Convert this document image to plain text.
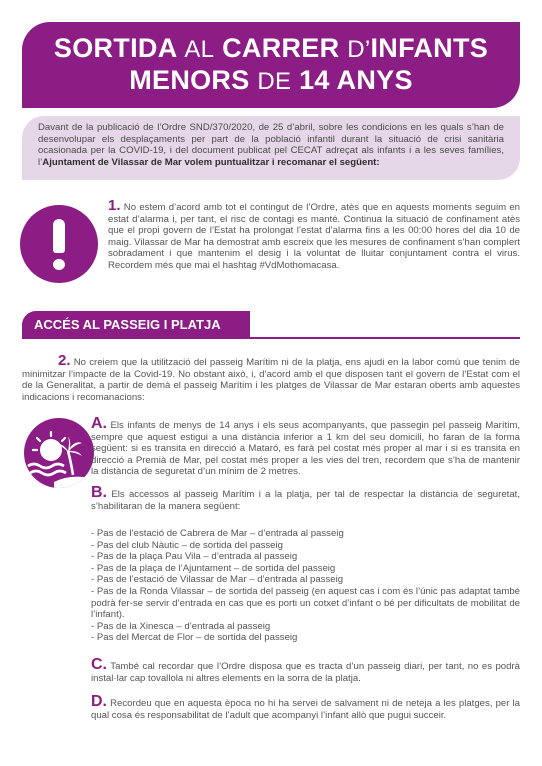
SORTIDA AL CARRER D’INFANTS
MENORS DE 14 ANYS
Davant de la publicació de l’Ordre SND/370/2020, de 25 d’abril, sobre les condicions en les quals s’han de desenvolupar els desplaçaments per part de la població infantil durant la situació de crisi sanitària ocasionada per la COVID-19, i del document publicat pel CECAT adreçat als infants i a les seves famílies, l’Ajuntament de Vilassar de Mar volem puntualitzar i recomanar el següent:
1. No estem d’acord amb tot el contingut de l’Ordre, atès que en aquests moments seguim en estat d’alarma i, per tant, el risc de contagi es manté. Continua la situació de confinament atès que el propi govern de l’Estat ha prolongat l’estat d’alarma fins a les 00:00 hores del dia 10 de maig. Vilassar de Mar ha demostrat amb escreix que les mesures de confinament s’han complert sobradament i que mantenim el desig i la voluntat de lluitar conjuntament contra el virus. Recordem més que mai el hashtag #VdMothomacasa.
ACCÉS AL PASSEIG I PLATJA
2. No creiem que la utilització del passeig Marítim ni de la platja, ens ajudi en la labor comú que tenim de minimitzar l’impacte de la Covid-19. No obstant això, i, d’acord amb el que disposen tant el govern de l’Estat com el de la Generalitat, a partir de demà el passeig Marítim i les platges de Vilassar de Mar estaran oberts amb aquestes indicacions i recomanacions:
A. Els infants de menys de 14 anys i els seus acompanyants, que passegin pel passeig Marítim, sempre que aquest estigui a una distància inferior a 1 km del seu domicili, ho faran de la forma següent: si es transita en direcció a Mataró, es farà pel costat més proper al mar i si es transita en direcció a Premià de Mar, pel costat més proper a les vies del tren, recordem que s’ha de mantenir la distància de seguretat d’un mínim de 2 metres.
B. Els accessos al passeig Marítim i a la platja, per tal de respectar la distància de seguretat, s’habilitaran de la manera següent:
- Pas de l’estació de Cabrera de Mar – d’entrada al passeig
- Pas del club Nàutic – de sortida del passeig
- Pas de la plaça Pau Vila – d’entrada al passeig
- Pas de la plaça de l’Ajuntament – de sortida del passeig
- Pas de l’estació de Vilassar de Mar – d’entrada al passeig
- Pas de la Ronda Vilassar – de sortida del passeig (en aquest cas i com és l’únic pas adaptat també podrà fer-se servir d’entrada en cas que es porti un cotxet d’infant o bé per dificultats de mobilitat de l’infant).
- Pas de la Xinesca – d’entrada al passeig
- Pas del Mercat de Flor – de sortida del passeig
C. També cal recordar que l’Ordre disposa que es tracta d’un passeig diari, per tant, no es podrà instal·lar cap tovallola ni altres elements en la sorra de la platja.
D. Recordeu que en aquesta època no hi ha servei de salvament ni de neteja a les platges, per la qual cosa és responsabilitat de l’adult que acompanyi l’infant allò que pugui succeir.
